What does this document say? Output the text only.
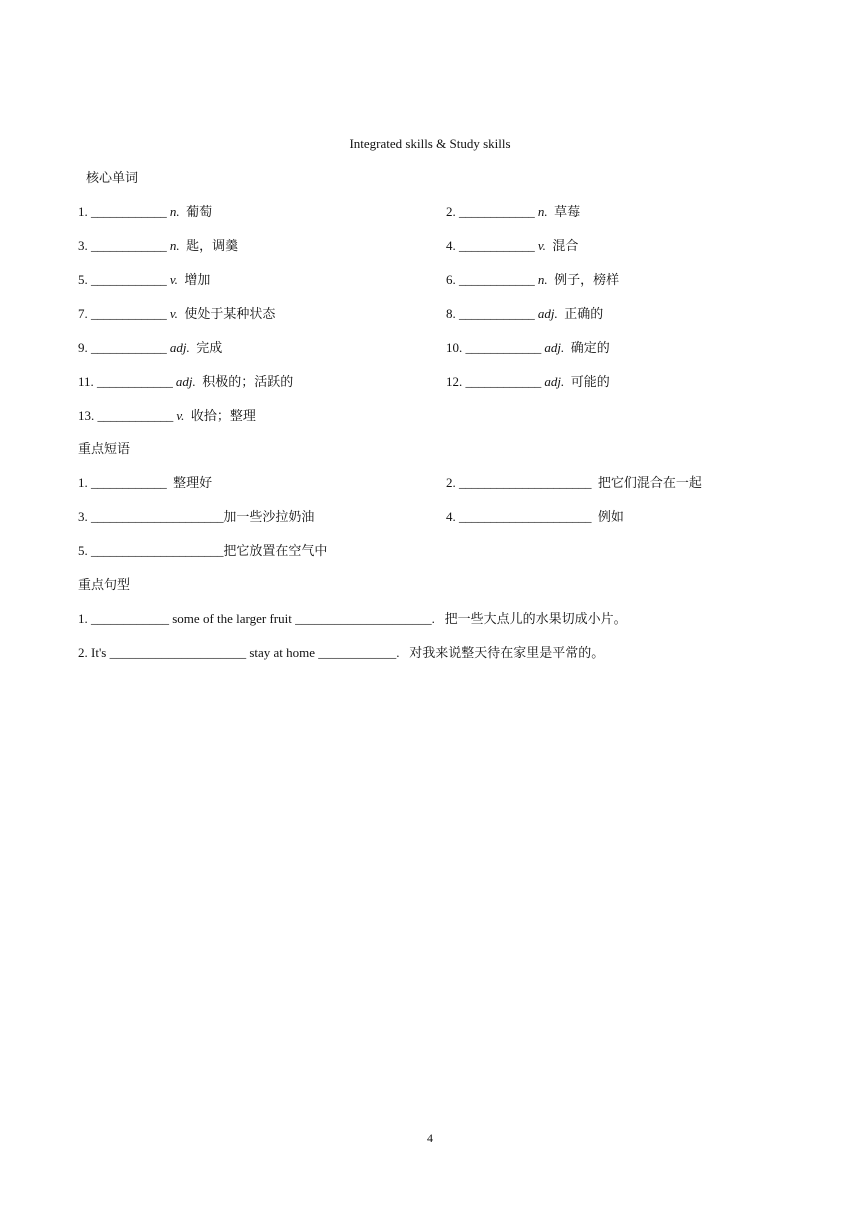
Integrated skills & Study skills
核心单词
1. ____________ n. 葡萄	2. ____________ n. 草莓
3. ____________ n. 匙，调羹	4. ____________ v. 混合
5. ____________ v. 增加	6. ____________ n. 例子，榜样
7. ____________ v. 使处于某种状态	8. ____________ adj. 正确的
9. ____________ adj. 完成	10. ____________ adj. 确定的
11. ____________ adj. 积极的；活跃的	12. ____________ adj. 可能的
13. ____________ v. 收拾；整理
重点短语
1. ____________ 整理好	2. _____________________ 把它们混合在一起
3. _____________________加一些沙拉奶油	4. _____________________ 例如
5. _____________________把它放置在空气中
重点句型
1. ____________ some of the larger fruit _____________________. 把一些大点儿的水果切成小片。
2. It's _____________________ stay at home ____________. 对我来说整天待在家里是平常的。
4
